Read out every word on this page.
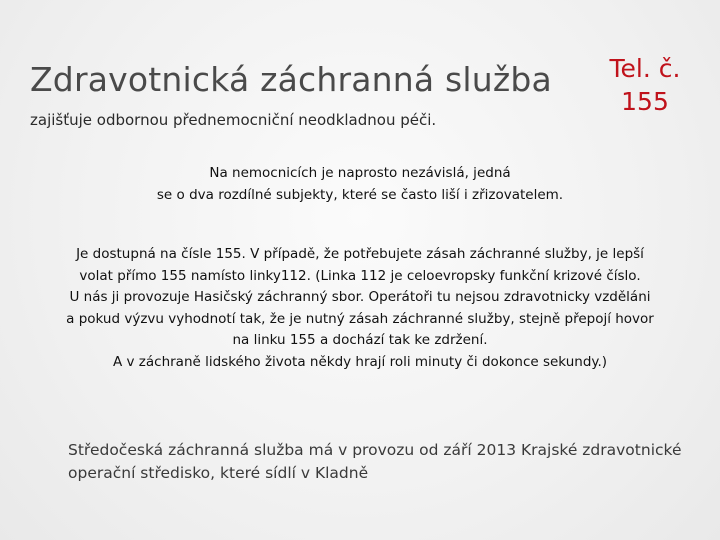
Zdravotnická záchranná služba
zajišťuje odbornou přednemocniční neodkladnou péči.
Tel. č.
155
Na nemocnicích je naprosto nezávislá, jedná
se o dva rozdílné subjekty, které se často liší i zřizovatelem.
Je dostupná na čísle 155. V případě, že potřebujete zásah záchranné služby, je lepší
volat přímo 155 namísto linky112. (Linka 112 je celoevropsky funkční krizové číslo.
U nás ji provozuje Hasičský záchranný sbor. Operátoři tu nejsou zdravotnicky vzděláni
a pokud výzvu vyhodnotí tak, že je nutný zásah záchranné služby, stejně přepojí hovor
na linku 155 a dochází tak ke zdržení.
A v záchraně lidského života někdy hrají roli minuty či dokonce sekundy.)
Středočeská záchranná služba má v provozu od září 2013 Krajské zdravotnické
operační středisko, které sídlí v Kladně
